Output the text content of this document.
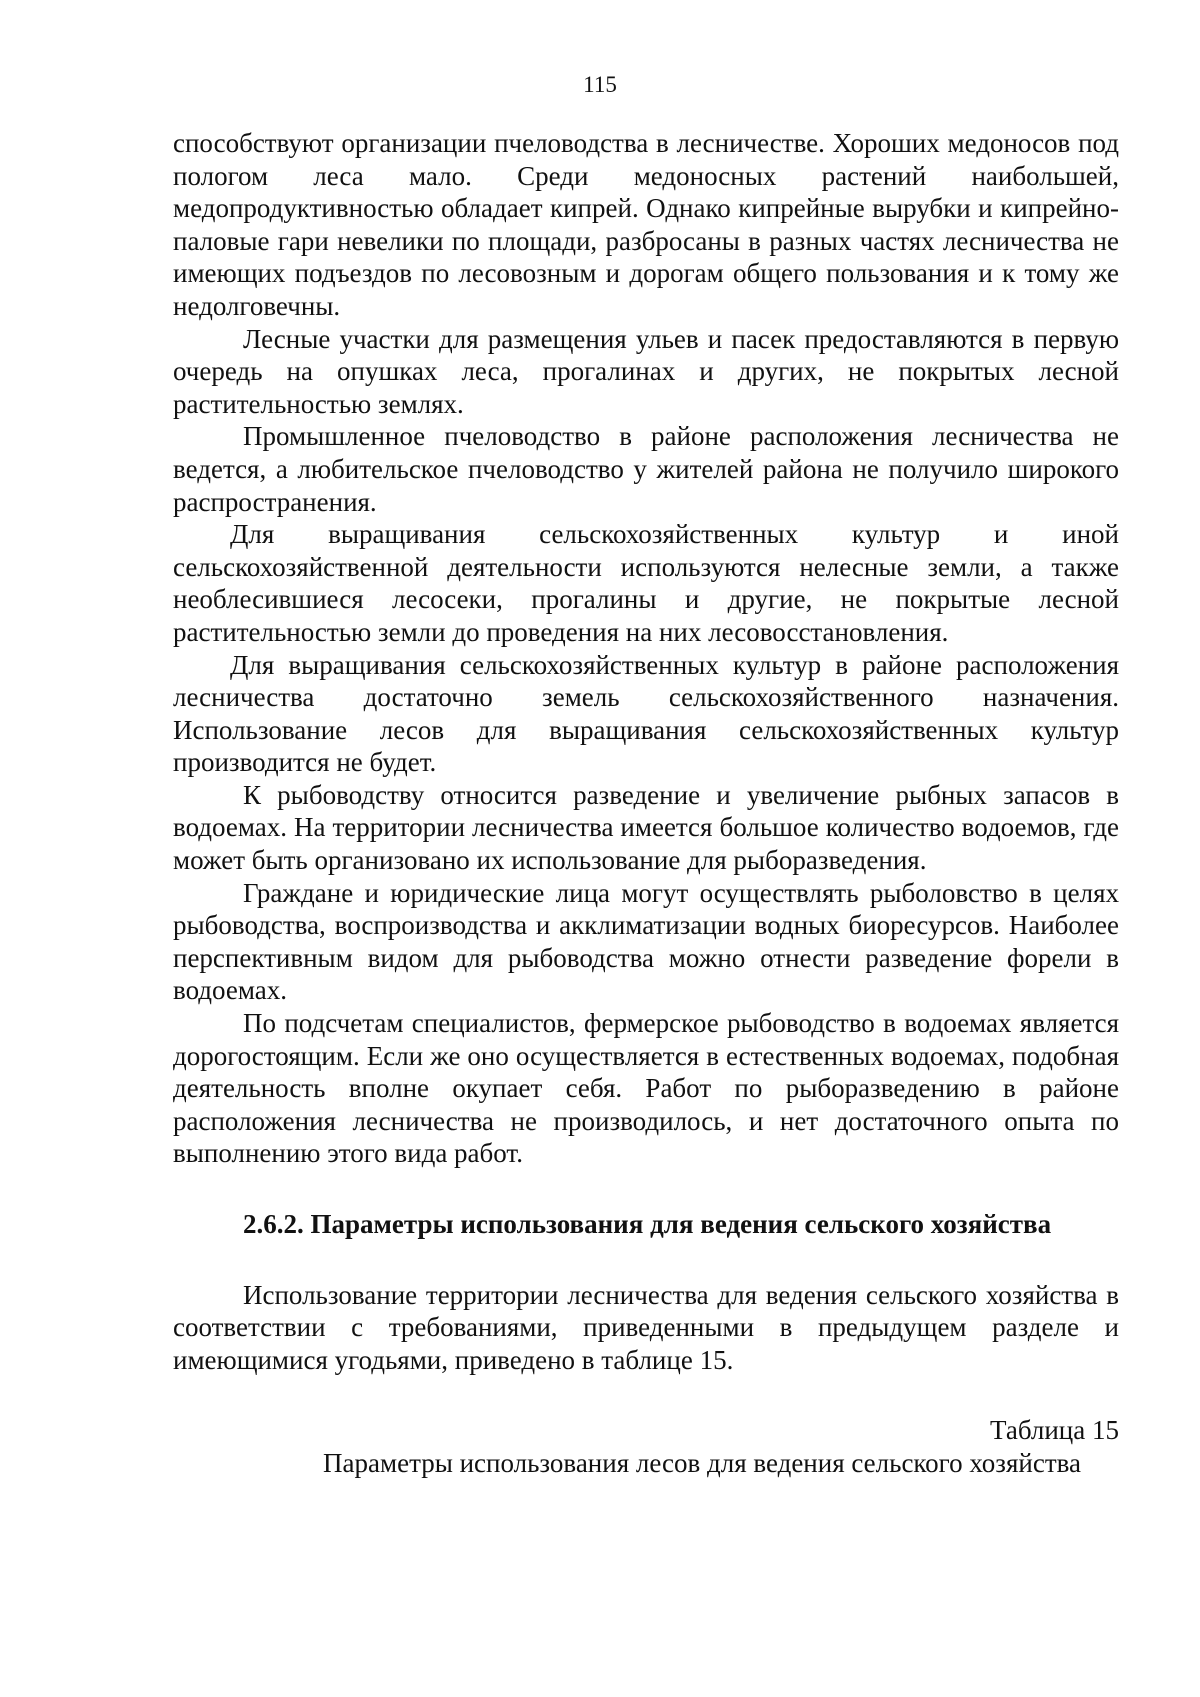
115

способствуют организации пчеловодства в лесничестве. Хороших медоносов под пологом леса мало. Среди медоносных растений наибольшей, медопродуктивностью обладает кипрей. Однако кипрейные вырубки и кипрейно-паловые гари невелики по площади, разбросаны в разных частях лесничества не имеющих подъездов по лесовозным и дорогам общего пользования и к тому же недолговечны.

Лесные участки для размещения ульев и пасек предоставляются в первую очередь на опушках леса, прогалинах и других, не покрытых лесной растительностью землях.

Промышленное пчеловодство в районе расположения лесничества не ведется, а любительское пчеловодство у жителей района не получило широкого распространения.

Для выращивания сельскохозяйственных культур и иной сельскохозяйственной деятельности используются нелесные земли, а также необлесившиеся лесосеки, прогалины и другие, не покрытые лесной растительностью земли до проведения на них лесовосстановления.

Для выращивания сельскохозяйственных культур в районе расположения лесничества достаточно земель сельскохозяйственного назначения. Использование лесов для выращивания сельскохозяйственных культур производится не будет.

К рыбоводству относится разведение и увеличение рыбных запасов в водоемах. На территории лесничества имеется большое количество водоемов, где может быть организовано их использование для рыборазведения.

Граждане и юридические лица могут осуществлять рыболовство в целях рыбоводства, воспроизводства и акклиматизации водных биоресурсов. Наиболее перспективным видом для рыбоводства можно отнести разведение форели в водоемах.

По подсчетам специалистов, фермерское рыбоводство в водоемах является дорогостоящим. Если же оно осуществляется в естественных водоемах, подобная деятельность вполне окупает себя. Работ по рыборазведению в районе расположения лесничества не производилось, и нет достаточного опыта по выполнению этого вида работ.

2.6.2. Параметры использования для ведения сельского хозяйства

Использование территории лесничества для ведения сельского хозяйства в соответствии с требованиями, приведенными в предыдущем разделе и имеющимися угодьями, приведено в таблице 15.

Таблица 15

Параметры использования лесов для ведения сельского хозяйства
